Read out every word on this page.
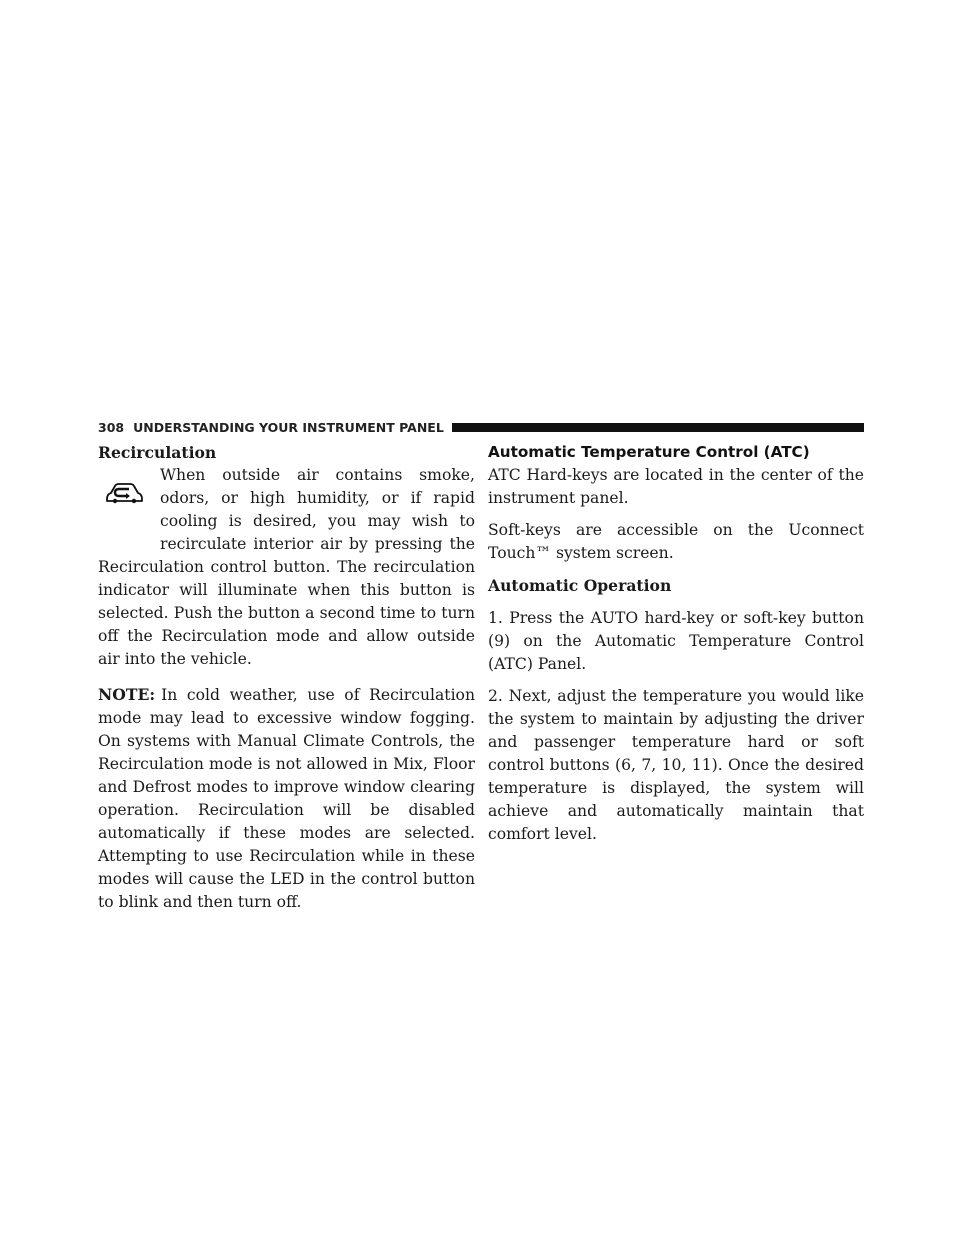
308 UNDERSTANDING YOUR INSTRUMENT PANEL
Recirculation

When outside air contains smoke, odors, or high humidity, or if rapid cooling is desired, you may wish to recirculate interior air by pressing the Recirculation control button. The recirculation indicator will illuminate when this button is selected. Push the button a second time to turn off the Recirculation mode and allow outside air into the vehicle.

NOTE: In cold weather, use of Recirculation mode may lead to excessive window fogging. On systems with Manual Climate Controls, the Recirculation mode is not allowed in Mix, Floor and Defrost modes to improve window clearing operation. Recirculation will be disabled automatically if these modes are selected. Attempting to use Recirculation while in these modes will cause the LED in the control button to blink and then turn off.

Automatic Temperature Control (ATC)

ATC Hard-keys are located in the center of the instrument panel.

Soft-keys are accessible on the Uconnect Touch™ system screen.

Automatic Operation

1. Press the AUTO hard-key or soft-key button (9) on the Automatic Temperature Control (ATC) Panel.

2. Next, adjust the temperature you would like the system to maintain by adjusting the driver and passenger temperature hard or soft control buttons (6, 7, 10, 11). Once the desired temperature is displayed, the system will achieve and automatically maintain that comfort level.
